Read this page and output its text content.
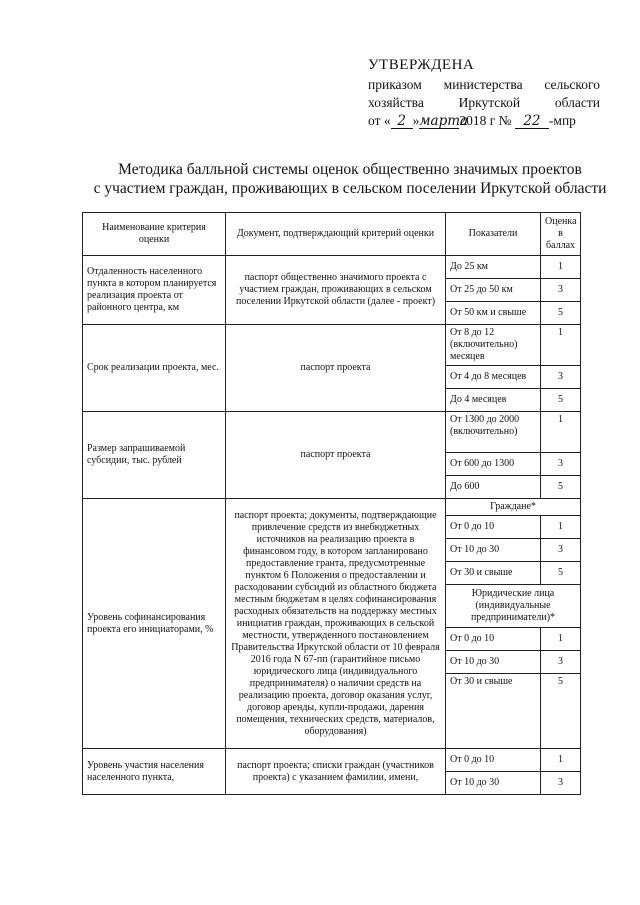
УТВЕРЖДЕНА
приказом министерства сельского
хозяйства Иркутской области
от « 2 »марта2018 г № 22 -мпр
Методика балльной системы оценок общественно значимых проектов
с участием граждан, проживающих в сельском поселении Иркутской области
Наименование критерия оценки	Документ, подтверждающий критерий оценки	Показатели	Оценка в баллах
Отдаленность населенного пункта в котором планируется реализация проекта от районного центра, км	паспорт общественно значимого проекта с участием граждан, проживающих в сельском поселении Иркутской области (далее - проект)	До 25 км	1
		От 25 до 50 км	3
		От 50 км и свыше	5
Срок реализации проекта, мес.	паспорт проекта	От 8 до 12 (включительно) месяцев	1
		От 4 до 8 месяцев	3
		До 4 месяцев	5
Размер запрашиваемой субсидии, тыс. рублей	паспорт проекта	От 1300 до 2000 (включительно)	1
		От 600 до 1300	3
		До 600	5
Уровень софинансирования проекта его инициаторами, %	паспорт проекта; документы, подтверждающие привлечение средств из внебюджетных источников на реализацию проекта в финансовом году, в котором запланировано предоставление гранта, предусмотренные пунктом 6 Положения о предоставлении и расходовании субсидий из областного бюджета местным бюджетам в целях софинансирования расходных обязательств на поддержку местных инициатив граждан, проживающих в сельской местности, утвержденного постановлением Правительства Иркутской области от 10 февраля 2016 года N 67-пп (гарантийное письмо юридического лица (индивидуального предпринимателя) о наличии средств на реализацию проекта, договор оказания услуг, договор аренды, купли-продажи, дарения помещения, технических средств, материалов, оборудования)	Граждане*	
		От 0 до 10	1
		От 10 до 30	3
		От 30 и свыше	5
		Юридические лица (индивидуальные предприниматели)*	
		От 0 до 10	1
		От 10 до 30	3
		От 30 и свыше	5
Уровень участия населения населенного пункта,	паспорт проекта; списки граждан (участников проекта) с указанием фамилии, имени,	От 0 до 10	1
		От 10 до 30	3
